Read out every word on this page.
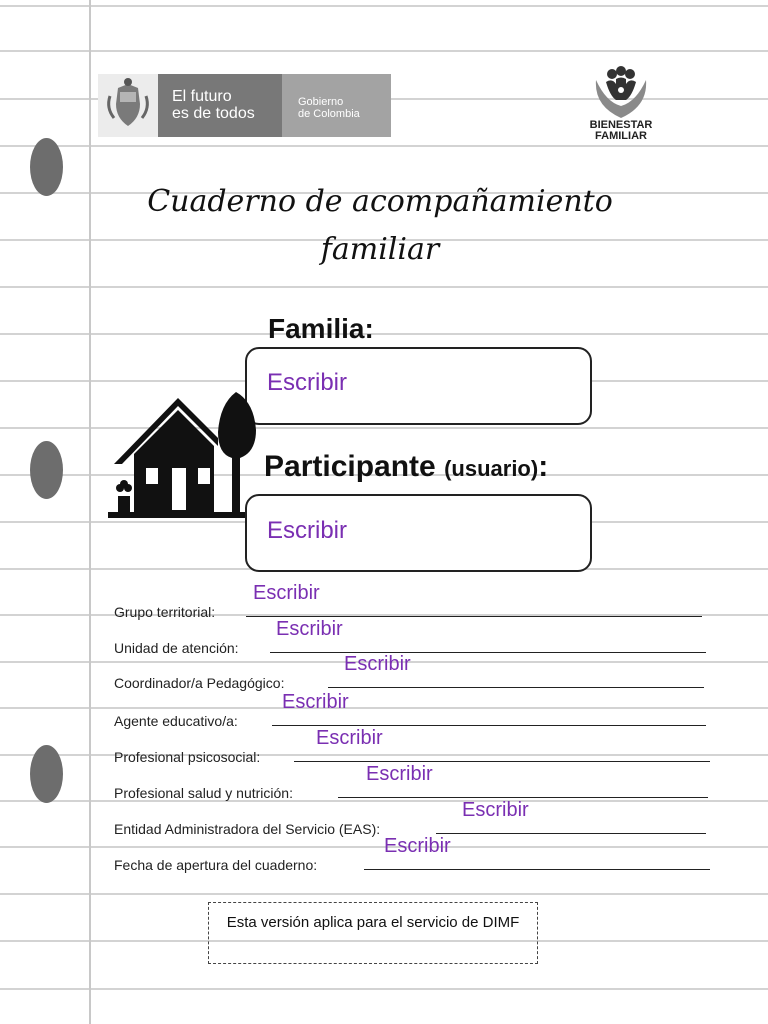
El futuro
es de todos
Gobierno
de Colombia
BIENESTAR
FAMILIAR
Cuaderno de acompañamiento familiar
Familia:
Escribir
Participante (usuario):
Escribir
Grupo territorial:
Escribir
Unidad de atención:
Escribir
Coordinador/a Pedagógico:
Escribir
Agente educativo/a:
Escribir
Profesional psicosocial:
Escribir
Profesional salud y nutrición:
Escribir
Entidad Administradora del Servicio (EAS):
Escribir
Fecha de apertura del cuaderno:
Escribir
Esta versión aplica para el servicio de DIMF
